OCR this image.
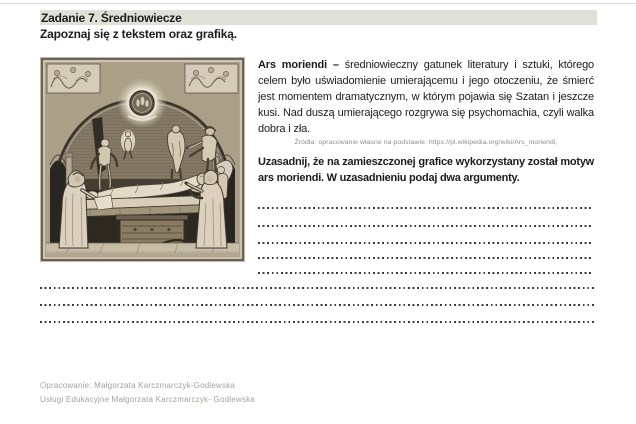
Zadanie 7. Średniowiecze
Zapoznaj się z tekstem oraz grafiką.

Ars moriendi – średniowieczny gatunek literatury i sztuki, którego celem było uświadomienie umierającemu i jego otoczeniu, że śmierć jest momentem dramatycznym, w którym pojawia się Szatan i jeszcze kusi. Nad duszą umierającego rozgrywa się psychomachia, czyli walka dobra i zła.

Źródła: opracowanie własne na podstawie: https://pl.wikipedia.org/wiki/Ars_moriendi,

Uzasadnij, że na zamieszczonej grafice wykorzystany został motyw ars moriendi. W uzasadnieniu podaj dwa argumenty.

Opracowanie: Małgorzata Karczmarczyk-Godlewska
Usługi Edukacyjne Małgorzata Karczmarczyk- Godlewska
